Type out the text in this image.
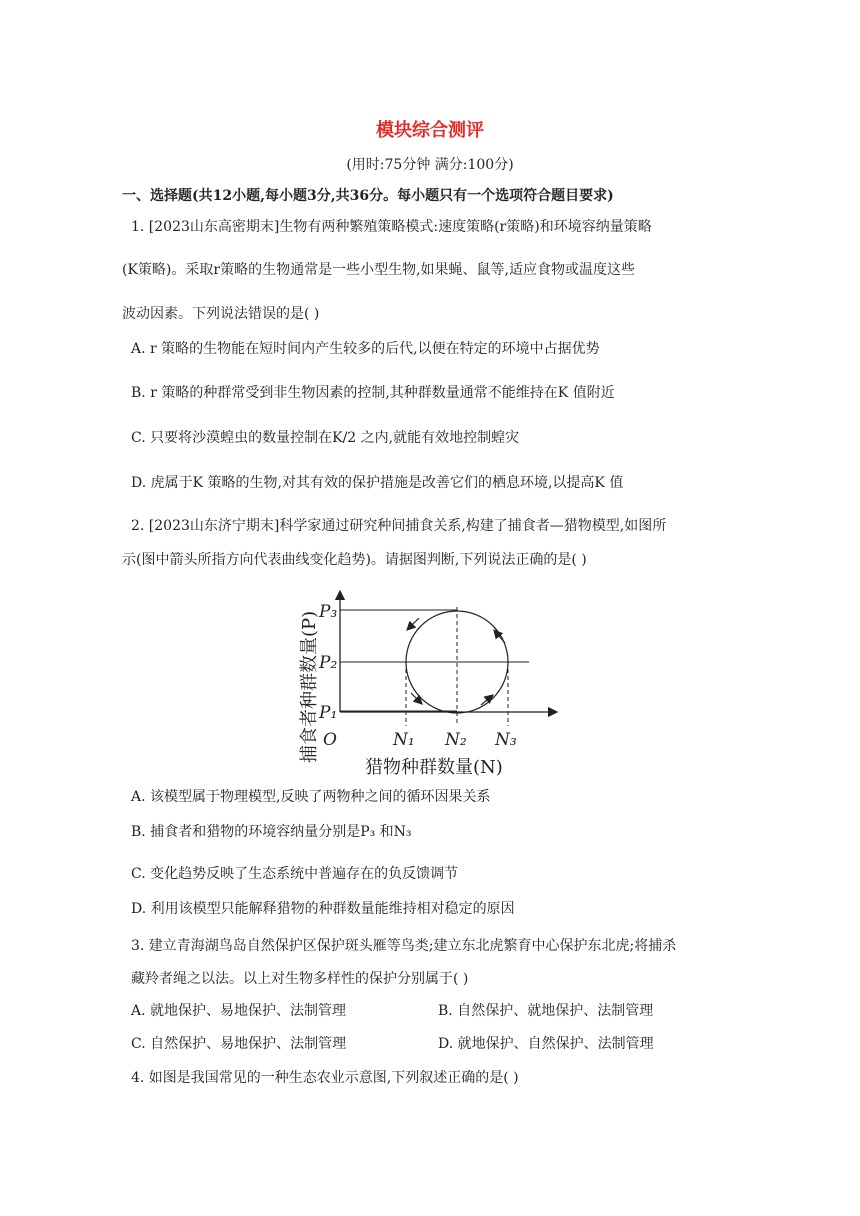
模块综合测评
(用时:75分钟 满分:100分)
一、选择题(共12小题,每小题3分,共36分。每小题只有一个选项符合题目要求)
1. [2023山东高密期末]生物有两种繁殖策略模式:速度策略(r策略)和环境容纳量策略
(K策略)。采取r策略的生物通常是一些小型生物,如果蝇、鼠等,适应食物或温度这些
波动因素。下列说法错误的是( )
A. r 策略的生物能在短时间内产生较多的后代,以便在特定的环境中占据优势
B. r 策略的种群常受到非生物因素的控制,其种群数量通常不能维持在K 值附近
C. 只要将沙漠蝗虫的数量控制在K/2 之内,就能有效地控制蝗灾
D. 虎属于K 策略的生物,对其有效的保护措施是改善它们的栖息环境,以提高K 值
2. [2023山东济宁期末]科学家通过研究种间捕食关系,构建了捕食者—猎物模型,如图所
示(图中箭头所指方向代表曲线变化趋势)。请据图判断,下列说法正确的是( )
P₃
P₂
P₁
O	N₁ N₂ N₃
猎物种群数量(N)
捕食者种群数量(P)
A. 该模型属于物理模型,反映了两物种之间的循环因果关系
B. 捕食者和猎物的环境容纳量分别是P₃ 和N₃
C. 变化趋势反映了生态系统中普遍存在的负反馈调节
D. 利用该模型只能解释猎物的种群数量能维持相对稳定的原因
3. 建立青海湖鸟岛自然保护区保护斑头雁等鸟类;建立东北虎繁育中心保护东北虎;将捕杀
藏羚者绳之以法。以上对生物多样性的保护分别属于( )
A. 就地保护、易地保护、法制管理	B. 自然保护、就地保护、法制管理
C. 自然保护、易地保护、法制管理	D. 就地保护、自然保护、法制管理
4. 如图是我国常见的一种生态农业示意图,下列叙述正确的是( )
